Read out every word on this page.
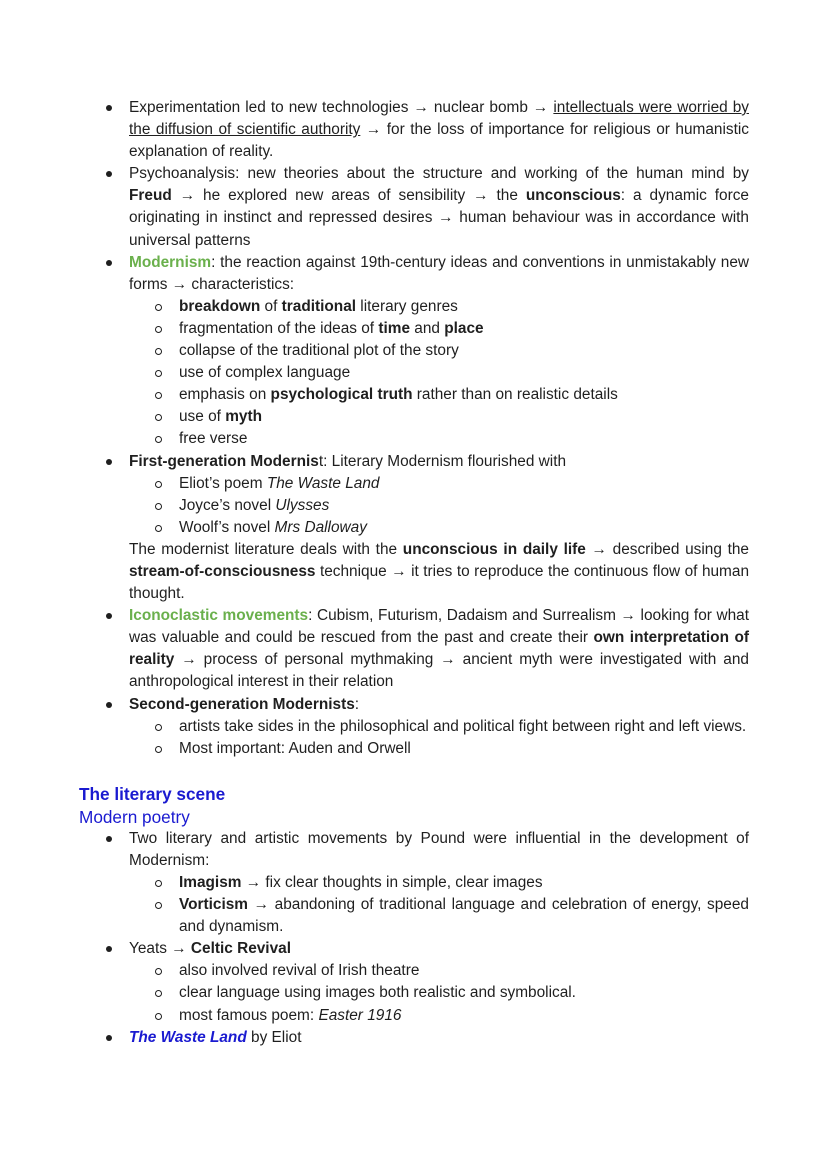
Experimentation led to new technologies → nuclear bomb → intellectuals were worried by the diffusion of scientific authority → for the loss of importance for religious or humanistic explanation of reality.
Psychoanalysis: new theories about the structure and working of the human mind by Freud → he explored new areas of sensibility → the unconscious: a dynamic force originating in instinct and repressed desires → human behaviour was in accordance with universal patterns
Modernism: the reaction against 19th-century ideas and conventions in unmistakably new forms → characteristics:
breakdown of traditional literary genres
fragmentation of the ideas of time and place
collapse of the traditional plot of the story
use of complex language
emphasis on psychological truth rather than on realistic details
use of myth
free verse
First-generation Modernist: Literary Modernism flourished with
Eliot’s poem The Waste Land
Joyce’s novel Ulysses
Woolf’s novel Mrs Dalloway

The modernist literature deals with the unconscious in daily life → described using the stream-of-consciousness technique → it tries to reproduce the continuous flow of human thought.

Iconoclastic movements: Cubism, Futurism, Dadaism and Surrealism → looking for what was valuable and could be rescued from the past and create their own interpretation of reality → process of personal mythmaking → ancient myth were investigated with and anthropological interest in their relation
Second-generation Modernists:
artists take sides in the philosophical and political fight between right and left views.
Most important: Auden and Orwell
The literary scene
Modern poetry
Two literary and artistic movements by Pound were influential in the development of Modernism:
Imagism → fix clear thoughts in simple, clear images
Vorticism → abandoning of traditional language and celebration of energy, speed and dynamism.
Yeats → Celtic Revival
also involved revival of Irish theatre
clear language using images both realistic and symbolical.
most famous poem: Easter 1916
The Waste Land by Eliot
